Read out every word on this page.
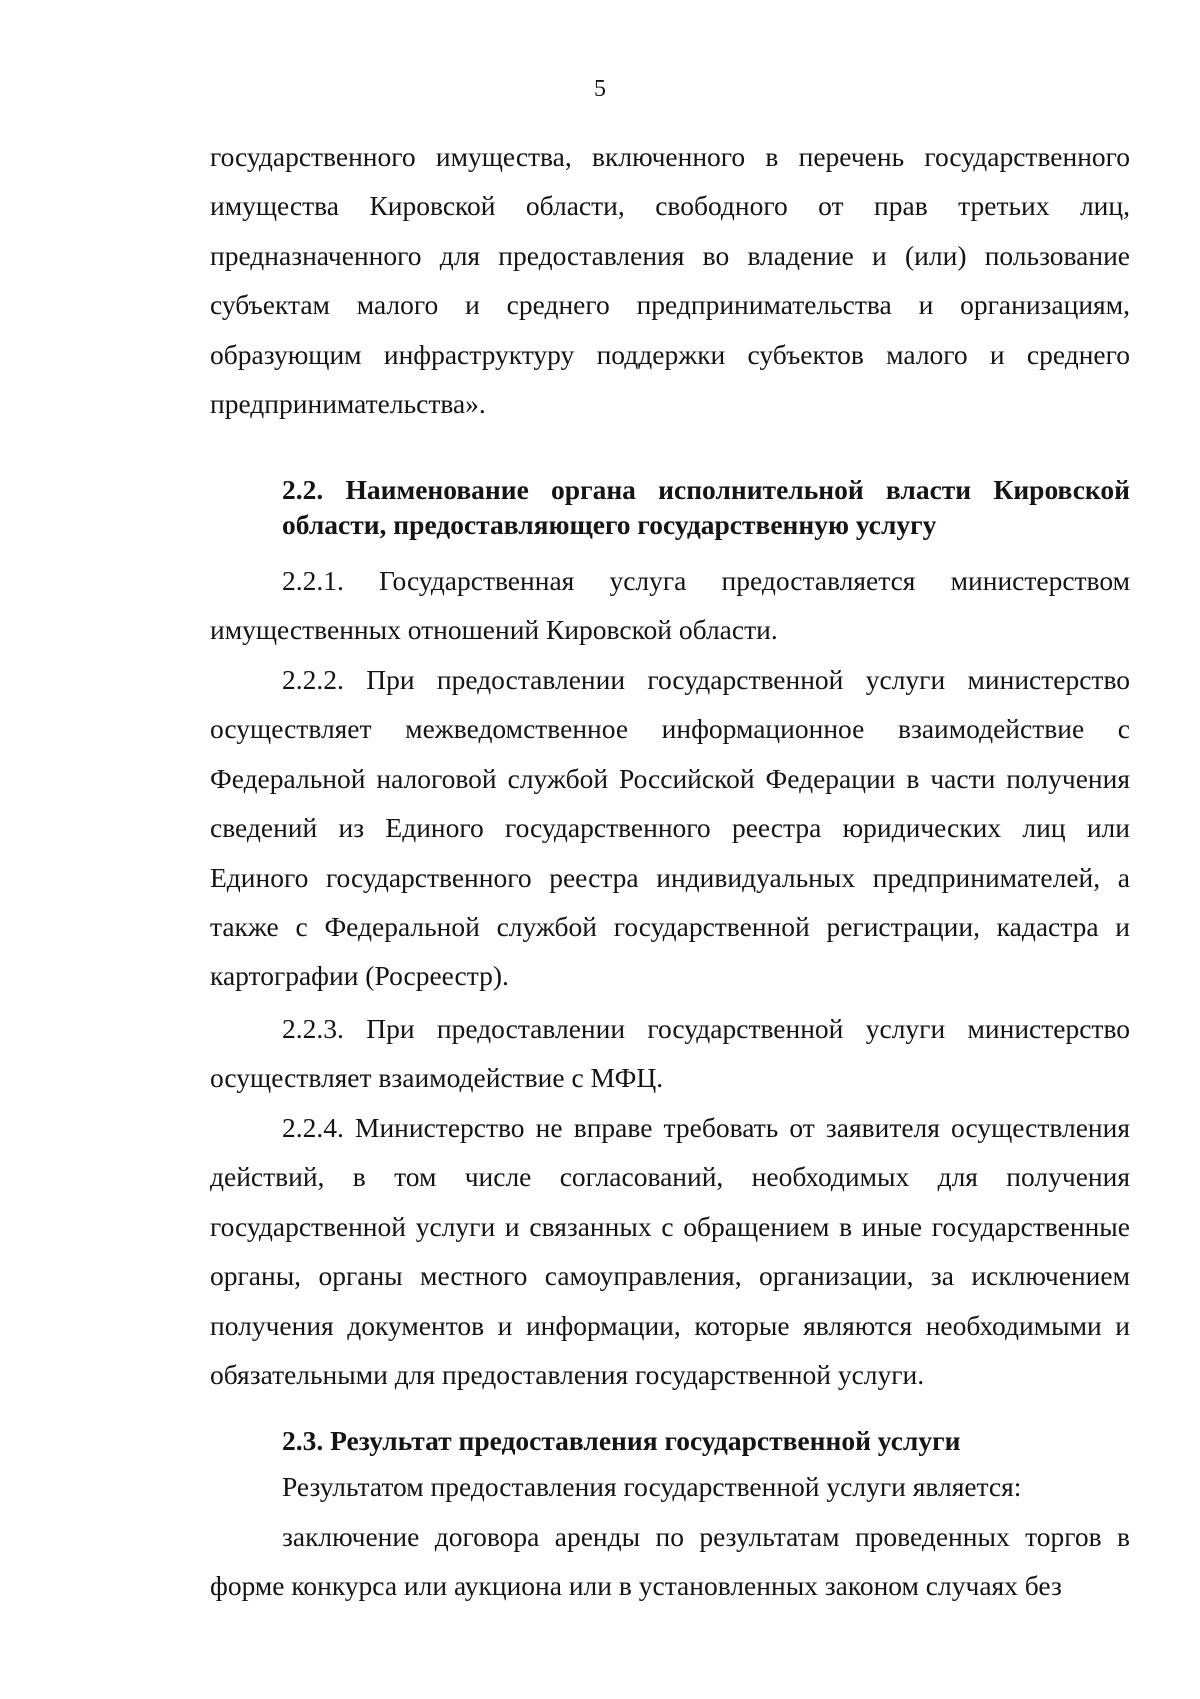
5

государственного имущества, включенного в перечень государственного имущества Кировской области, свободного от прав третьих лиц, предназначенного для предоставления во владение и (или) пользование субъектам малого и среднего предпринимательства и организациям, образующим инфраструктуру поддержки субъектов малого и среднего предпринимательства».

2.2. Наименование органа исполнительной власти Кировской области, предоставляющего государственную услугу

2.2.1. Государственная услуга предоставляется министерством имущественных отношений Кировской области.

2.2.2. При предоставлении государственной услуги министерство осуществляет межведомственное информационное взаимодействие с Федеральной налоговой службой Российской Федерации в части получения сведений из Единого государственного реестра юридических лиц или Единого государственного реестра индивидуальных предпринимателей, а также с Федеральной службой государственной регистрации, кадастра и картографии (Росреестр).

2.2.3. При предоставлении государственной услуги министерство осуществляет взаимодействие с МФЦ.

2.2.4. Министерство не вправе требовать от заявителя осуществления действий, в том числе согласований, необходимых для получения государственной услуги и связанных с обращением в иные государственные органы, органы местного самоуправления, организации, за исключением получения документов и информации, которые являются необходимыми и обязательными для предоставления государственной услуги.

2.3. Результат предоставления государственной услуги

Результатом предоставления государственной услуги является:

заключение договора аренды по результатам проведенных торгов в форме конкурса или аукциона или в установленных законом случаях без
